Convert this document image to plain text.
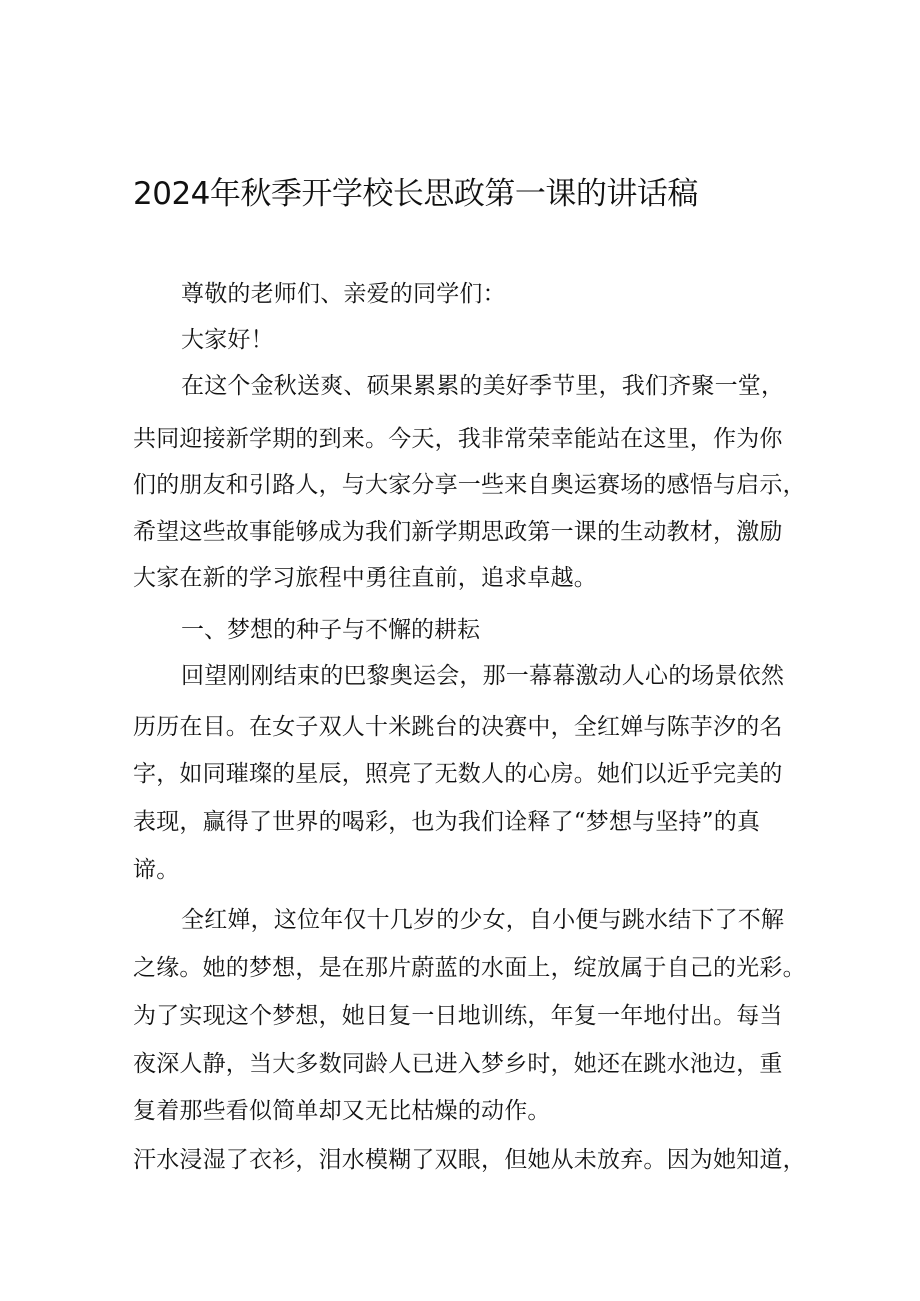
2024年秋季开学校长思政第一课的讲话稿

尊敬的老师们、亲爱的同学们：

大家好！

在这个金秋送爽、硕果累累的美好季节里，我们齐聚一堂，

共同迎接新学期的到来。今天，我非常荣幸能站在这里，作为你

们的朋友和引路人，与大家分享一些来自奥运赛场的感悟与启示，

希望这些故事能够成为我们新学期思政第一课的生动教材，激励

大家在新的学习旅程中勇往直前，追求卓越。

一、梦想的种子与不懈的耕耘

回望刚刚结束的巴黎奥运会，那一幕幕激动人心的场景依然

历历在目。在女子双人十米跳台的决赛中，全红婵与陈芋汐的名

字，如同璀璨的星辰，照亮了无数人的心房。她们以近乎完美的

表现，赢得了世界的喝彩，也为我们诠释了“梦想与坚持”的真

谛。

全红婵，这位年仅十几岁的少女，自小便与跳水结下了不解

之缘。她的梦想，是在那片蔚蓝的水面上，绽放属于自己的光彩。

为了实现这个梦想，她日复一日地训练，年复一年地付出。每当

夜深人静，当大多数同龄人已进入梦乡时，她还在跳水池边，重

复着那些看似简单却又无比枯燥的动作。

汗水浸湿了衣衫，泪水模糊了双眼，但她从未放弃。因为她知道，
